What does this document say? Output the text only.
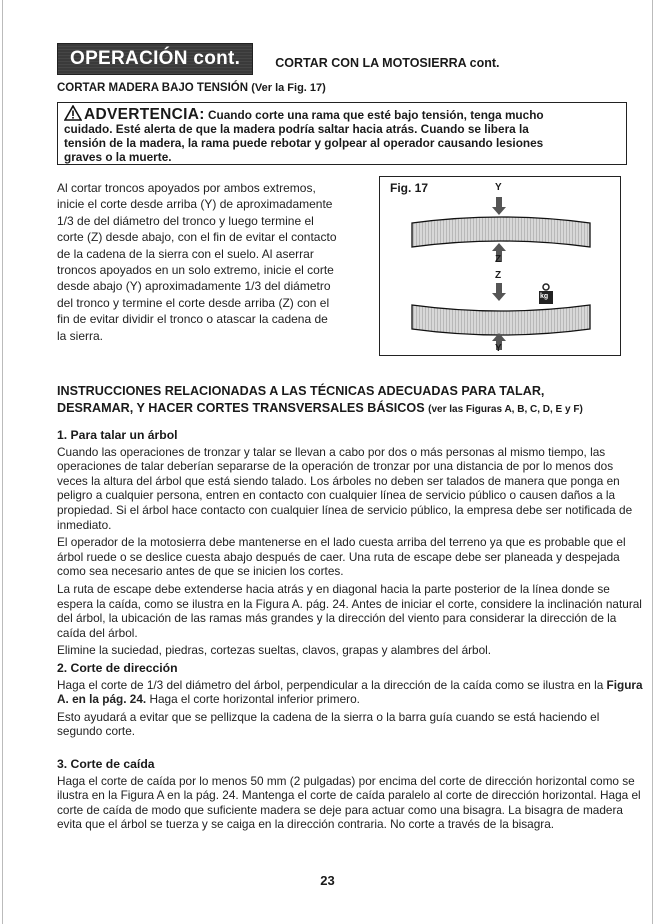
OPERACIÓN cont.	CORTAR CON LA MOTOSIERRA cont.
CORTAR MADERA BAJO TENSIÓN (Ver la Fig. 17)
ADVERTENCIA: Cuando corte una rama que esté bajo tensión, tenga mucho
cuidado. Esté alerta de que la madera podría saltar hacia atrás. Cuando se libera la
tensión de la madera, la rama puede rebotar y golpear al operador causando lesiones
graves o la muerte.
Al cortar troncos apoyados por ambos extremos,
inicie el corte desde arriba (Y) de aproximadamente
1/3 de del diámetro del tronco y luego termine el
corte (Z) desde abajo, con el fin de evitar el contacto
de la cadena de la sierra con el suelo. Al aserrar
troncos apoyados en un solo extremo, inicie el corte
desde abajo (Y) aproximadamente 1/3 del diámetro
del tronco y termine el corte desde arriba (Z) con el
fin de evitar dividir el tronco o atascar la cadena de
la sierra.
Fig. 17	Y
Z
Z
Y
kg
INSTRUCCIONES RELACIONADAS A LAS TÉCNICAS ADECUADAS PARA TALAR,
DESRAMAR, Y HACER CORTES TRANSVERSALES BÁSICOS (ver las Figuras A, B, C, D, E y F)
1. Para talar un árbol

Cuando las operaciones de tronzar y talar se llevan a cabo por dos o más personas al mismo tiempo, las operaciones de talar deberían separarse de la operación de tronzar por una distancia de por lo menos dos veces la altura del árbol que está siendo talado. Los árboles no deben ser talados de manera que ponga en peligro a cualquier persona, entren en contacto con cualquier línea de servicio público o causen daños a la propiedad. Si el árbol hace contacto con cualquier línea de servicio público, la empresa debe ser notificada de inmediato.

El operador de la motosierra debe mantenerse en el lado cuesta arriba del terreno ya que es probable que el árbol ruede o se deslice cuesta abajo después de caer. Una ruta de escape debe ser planeada y despejada como sea necesario antes de que se inicien los cortes.

La ruta de escape debe extenderse hacia atrás y en diagonal hacia la parte posterior de la línea donde se espera la caída, como se ilustra en la Figura A. pág. 24. Antes de iniciar el corte, considere la inclinación natural del árbol, la ubicación de las ramas más grandes y la dirección del viento para considerar la dirección de la caída del árbol.

Elimine la suciedad, piedras, cortezas sueltas, clavos, grapas y alambres del árbol.

2. Corte de dirección

Haga el corte de 1/3 del diámetro del árbol, perpendicular a la dirección de la caída como se ilustra en la Figura A. en la pág. 24. Haga el corte horizontal inferior primero.

Esto ayudará a evitar que se pellizque la cadena de la sierra o la barra guía cuando se está haciendo el segundo corte.

3. Corte de caída

Haga el corte de caída por lo menos 50 mm (2 pulgadas) por encima del corte de dirección horizontal como se ilustra en la Figura A en la pág. 24. Mantenga el corte de caída paralelo al corte de dirección horizontal. Haga el corte de caída de modo que suficiente madera se deje para actuar como una bisagra. La bisagra de madera evita que el árbol se tuerza y se caiga en la dirección contraria. No corte a través de la bisagra.

23
